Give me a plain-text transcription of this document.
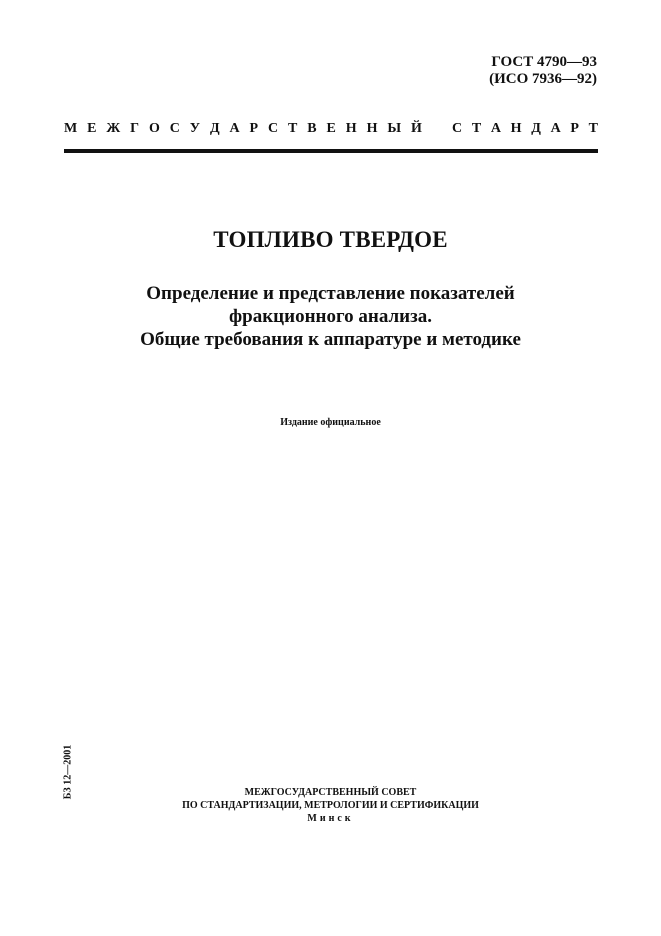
ГОСТ 4790—93
(ИСО 7936—92)
М Е Ж Г О С У Д А Р С Т В Е Н Н Ы Й С Т А Н Д А Р Т
ТОПЛИВО ТВЕРДОЕ
Определение и представление показателей
фракционного анализа.
Общие требования к аппаратуре и методике
Издание официальное
БЗ 12—2001	МЕЖГОСУДАРСТВЕННЫЙ СОВЕТ
ПО СТАНДАРТИЗАЦИИ, МЕТРОЛОГИИ И СЕРТИФИКАЦИИ
Минск
